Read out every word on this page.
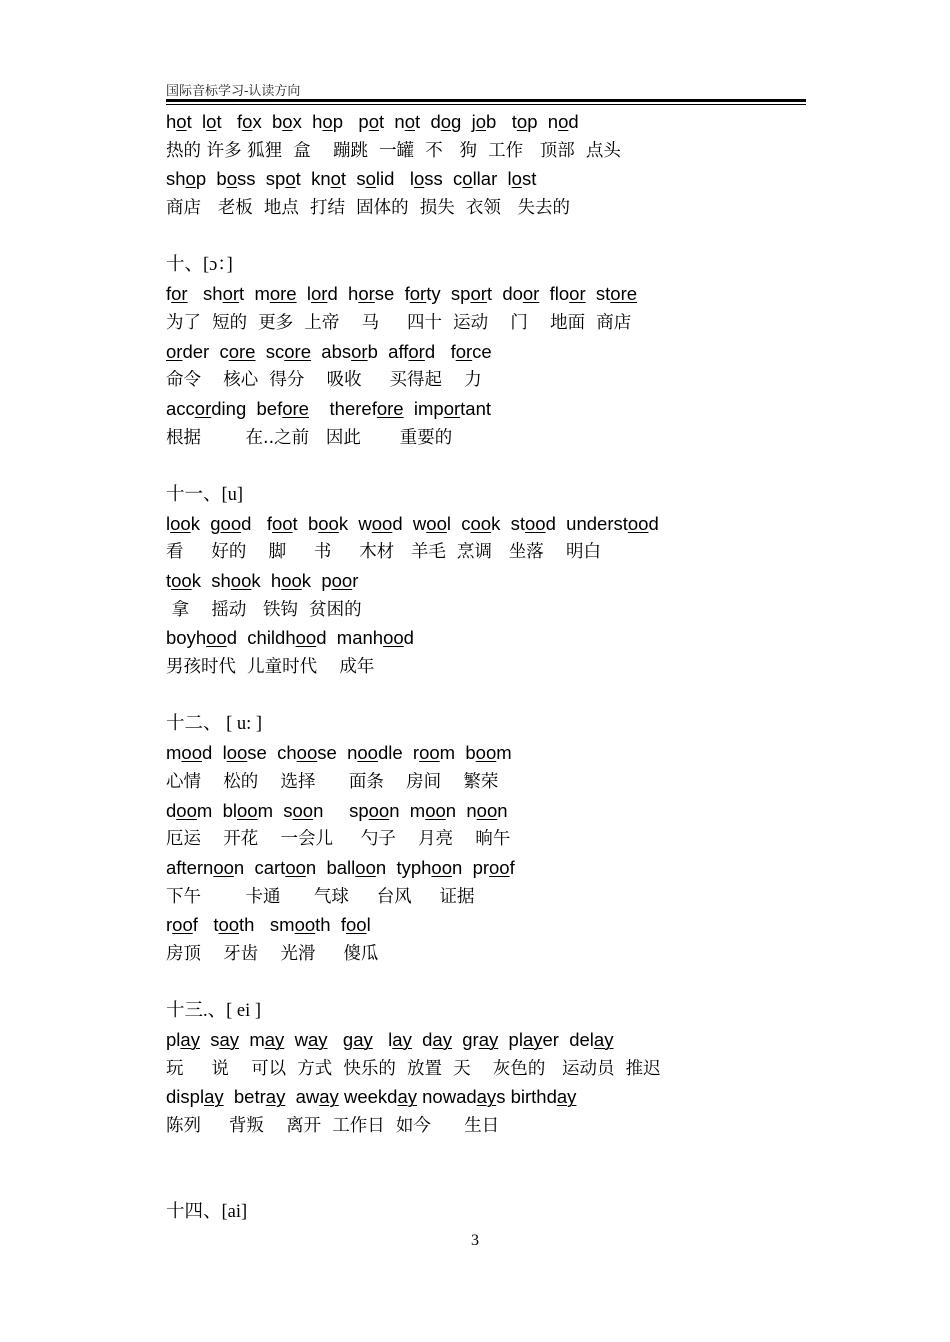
国际音标学习-认读方向
hot lot fox box hop pot not dog job top nod
热的 许多 狐狸  盒    蹦跳  一罐  不   狗  工作   顶部  点头
shop boss spot knot solid loss collar lost
商店   老板  地点  打结  固体的  损失  衣领   失去的

十、[ɔ：]
for short more lord horse forty sport door floor store
为了  短的  更多  上帝    马     四十  运动    门    地面  商店
order core score absorb afford force
命令    核心  得分    吸收     买得起    力
according before therefore important
根据        在..之前   因此       重要的

十一、[u]
look good foot book wood wool cook stood understood
看     好的    脚     书     木材   羊毛  烹调   坐落    明白
took shook hook poor
拿    摇动   铁钩  贫困的
boyhood childhood manhood
男孩时代  儿童时代    成年

十二、 [ u: ]
mood loose choose noodle room boom
心情    松的    选择      面条    房间    繁荣
doom bloom soon spoon moon noon
厄运    开花    一会儿     勺子    月亮    晌午
afternoon cartoon balloon typhoon proof
下午        卡通      气球     台风     证据
roof tooth smooth fool
房顶    牙齿    光滑     傻瓜

十三.、[ ei ]
play say may way gay lay day gray player delay
玩     说    可以  方式  快乐的  放置  天    灰色的   运动员  推迟
display betray away weekday nowadays birthday
陈列     背叛    离开  工作日  如今      生日

十四、[ai]
3
